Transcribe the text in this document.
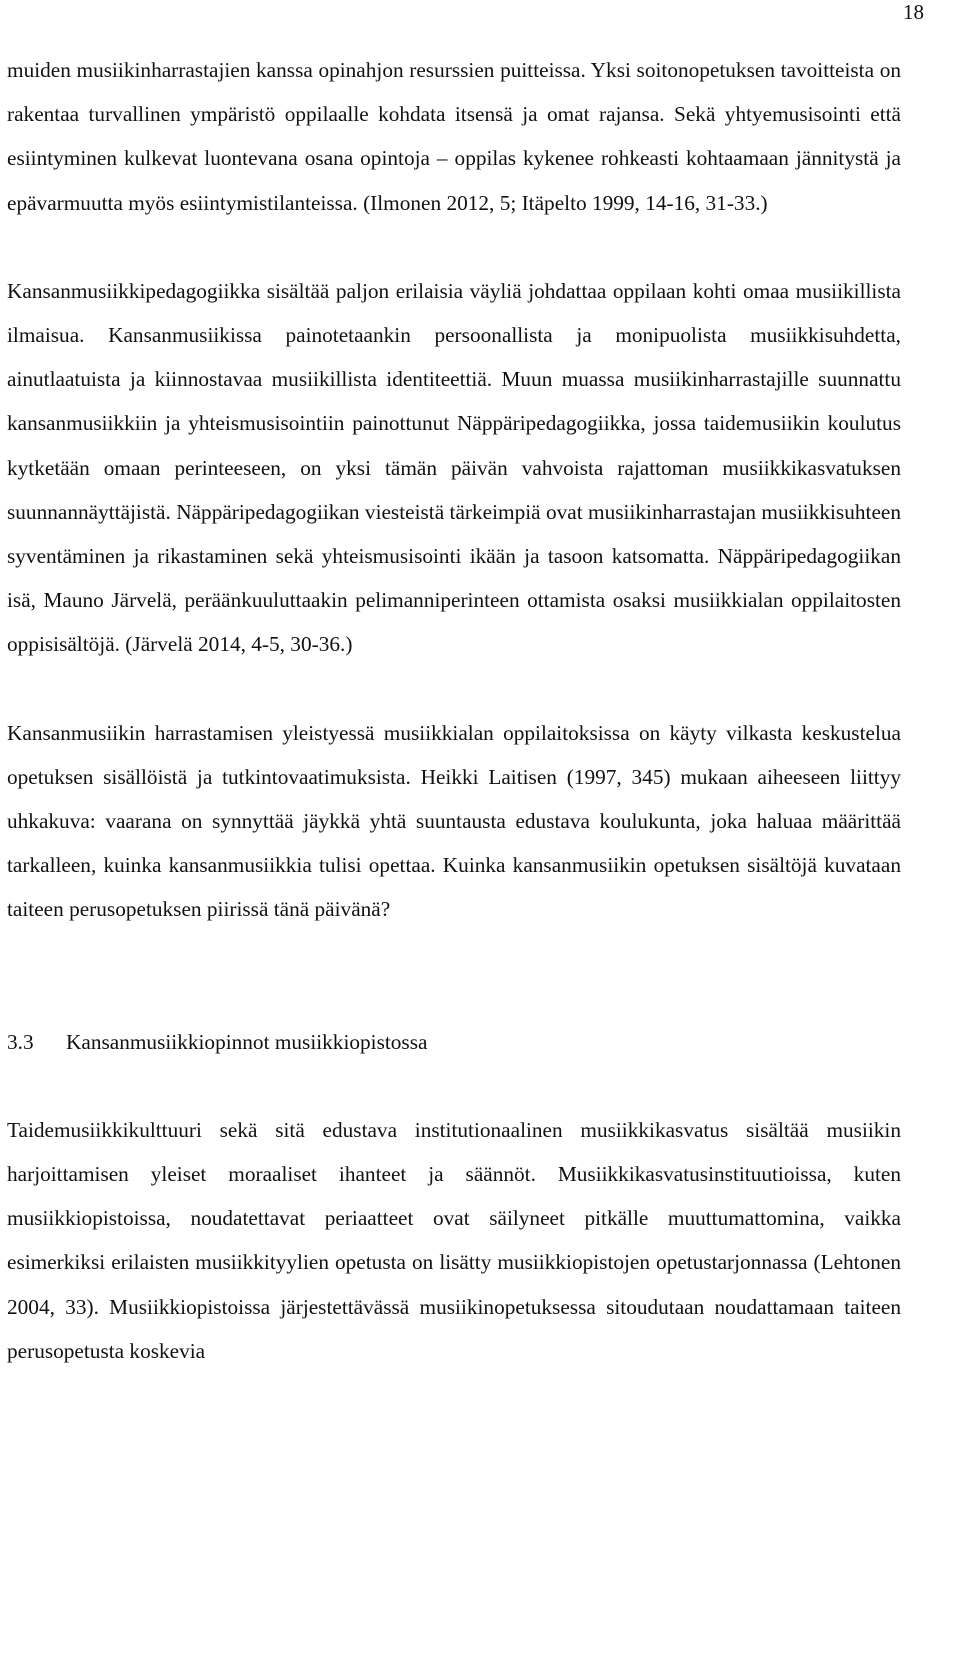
18

muiden musiikinharrastajien kanssa opinahjon resurssien puitteissa. Yksi soitonopetuksen tavoitteista on rakentaa turvallinen ympäristö oppilaalle kohdata itsensä ja omat rajansa. Sekä yhtyemusisointi että esiintyminen kulkevat luontevana osana opintoja – oppilas kykenee rohkeasti kohtaamaan jännitystä ja epävarmuutta myös esiintymistilanteissa. (Ilmonen 2012, 5; Itäpelto 1999, 14-16, 31-33.)

Kansanmusiikkipedagogiikka sisältää paljon erilaisia väyliä johdattaa oppilaan kohti omaa musiikillista ilmaisua. Kansanmusiikissa painotetaankin persoonallista ja monipuolista musiikkisuhdetta, ainutlaatuista ja kiinnostavaa musiikillista identiteettiä. Muun muassa musiikinharrastajille suunnattu kansanmusiikkiin ja yhteismusisointiin painottunut Näppäripedagogiikka, jossa taidemusiikin koulutus kytketään omaan perinteeseen, on yksi tämän päivän vahvoista rajattoman musiikkikasvatuksen suunnannäyttäjistä. Näppäripedagogiikan viesteistä tärkeimpiä ovat musiikinharrastajan musiikkisuhteen syventäminen ja rikastaminen sekä yhteismusisointi ikään ja tasoon katsomatta. Näppäripedagogiikan isä, Mauno Järvelä, peräänkuuluttaakin pelimanniperinteen ottamista osaksi musiikkialan oppilaitosten oppisisältöjä. (Järvelä 2014, 4-5, 30-36.)

Kansanmusiikin harrastamisen yleistyessä musiikkialan oppilaitoksissa on käyty vilkasta keskustelua opetuksen sisällöistä ja tutkintovaatimuksista. Heikki Laitisen (1997, 345) mukaan aiheeseen liittyy uhkakuva: vaarana on synnyttää jäykkä yhtä suuntausta edustava koulukunta, joka haluaa määrittää tarkalleen, kuinka kansanmusiikkia tulisi opettaa. Kuinka kansanmusiikin opetuksen sisältöjä kuvataan taiteen perusopetuksen piirissä tänä päivänä?

3.3	Kansanmusiikkiopinnot musiikkiopistossa

Taidemusiikkikulttuuri sekä sitä edustava institutionaalinen musiikkikasvatus sisältää musiikin harjoittamisen yleiset moraaliset ihanteet ja säännöt. Musiikkikasvatusinstituutioissa, kuten musiikkiopistoissa, noudatettavat periaatteet ovat säilyneet pitkälle muuttumattomina, vaikka esimerkiksi erilaisten musiikkityylien opetusta on lisätty musiikkiopistojen opetustarjonnassa (Lehtonen 2004, 33). Musiikkiopistoissa järjestettävässä musiikinopetuksessa sitoudutaan noudattamaan taiteen perusopetusta koskevia
